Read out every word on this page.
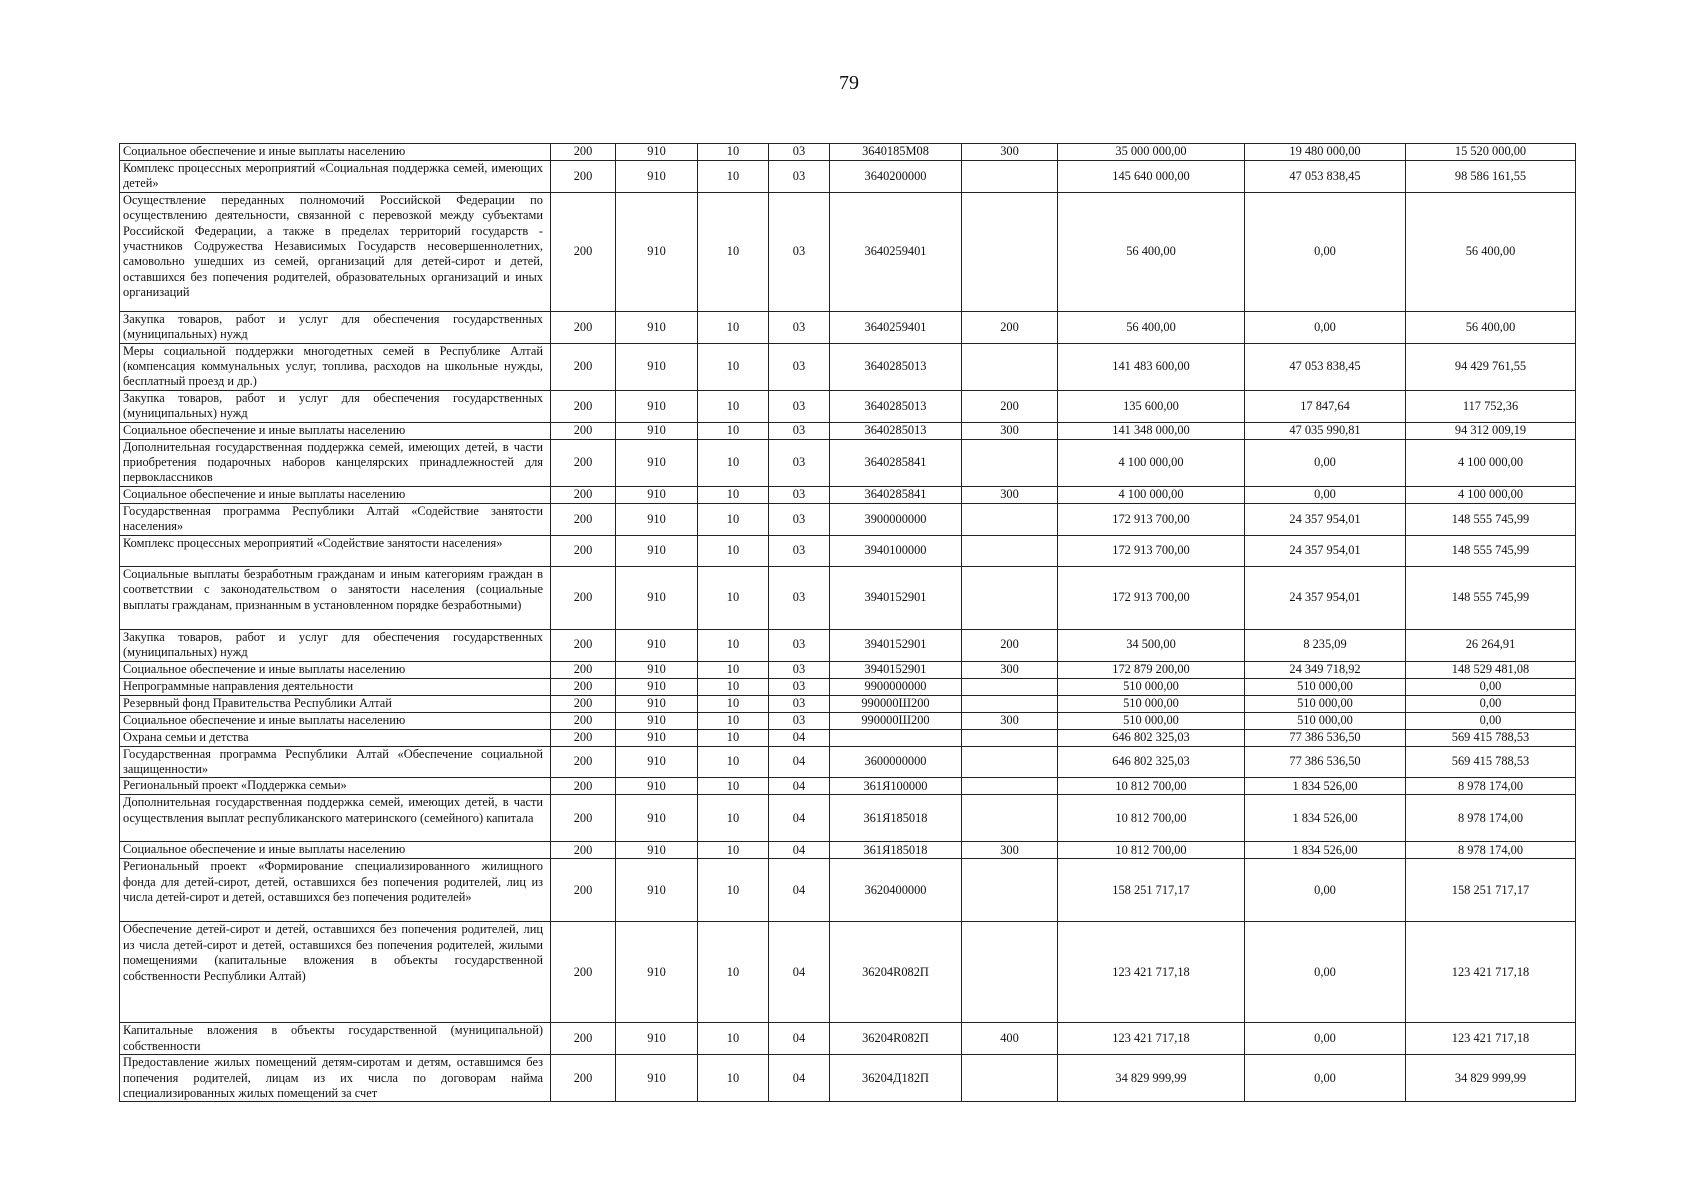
79
Социальное обеспечение и иные выплаты населению	200	910	10	03	3640185М08	300	35 000 000,00	19 480 000,00	15 520 000,00
Комплекс процессных мероприятий «Социальная поддержка семей, имеющих детей»	200	910	10	03	3640200000		145 640 000,00	47 053 838,45	98 586 161,55
Осуществление переданных полномочий Российской Федерации по осуществлению деятельности, связанной с перевозкой между субъектами Российской Федерации, а также в пределах территорий государств - участников Содружества Независимых Государств несовершеннолетних, самовольно ушедших из семей, организаций для детей-сирот и детей, оставшихся без попечения родителей, образовательных организаций и иных организаций	200	910	10	03	3640259401		56 400,00	0,00	56 400,00
Закупка товаров, работ и услуг для обеспечения государственных (муниципальных) нужд	200	910	10	03	3640259401	200	56 400,00	0,00	56 400,00
Меры социальной поддержки многодетных семей в Республике Алтай (компенсация коммунальных услуг, топлива, расходов на школьные нужды, бесплатный проезд и др.)	200	910	10	03	3640285013		141 483 600,00	47 053 838,45	94 429 761,55
Закупка товаров, работ и услуг для обеспечения государственных (муниципальных) нужд	200	910	10	03	3640285013	200	135 600,00	17 847,64	117 752,36
Социальное обеспечение и иные выплаты населению	200	910	10	03	3640285013	300	141 348 000,00	47 035 990,81	94 312 009,19
Дополнительная государственная поддержка семей, имеющих детей, в части приобретения подарочных наборов канцелярских принадлежностей для первоклассников	200	910	10	03	3640285841		4 100 000,00	0,00	4 100 000,00
Социальное обеспечение и иные выплаты населению	200	910	10	03	3640285841	300	4 100 000,00	0,00	4 100 000,00
Государственная программа Республики Алтай «Содействие занятости населения»	200	910	10	03	3900000000		172 913 700,00	24 357 954,01	148 555 745,99
Комплекс процессных мероприятий «Содействие занятости населения»	200	910	10	03	3940100000		172 913 700,00	24 357 954,01	148 555 745,99
Социальные выплаты безработным гражданам и иным категориям граждан в соответствии с законодательством о занятости населения (социальные выплаты гражданам, признанным в установленном порядке безработными)	200	910	10	03	3940152901		172 913 700,00	24 357 954,01	148 555 745,99
Закупка товаров, работ и услуг для обеспечения государственных (муниципальных) нужд	200	910	10	03	3940152901	200	34 500,00	8 235,09	26 264,91
Социальное обеспечение и иные выплаты населению	200	910	10	03	3940152901	300	172 879 200,00	24 349 718,92	148 529 481,08
Непрограммные направления деятельности	200	910	10	03	9900000000		510 000,00	510 000,00	0,00
Резервный фонд Правительства Республики Алтай	200	910	10	03	990000Ш200		510 000,00	510 000,00	0,00
Социальное обеспечение и иные выплаты населению	200	910	10	03	990000Ш200	300	510 000,00	510 000,00	0,00
Охрана семьи и детства	200	910	10	04			646 802 325,03	77 386 536,50	569 415 788,53
Государственная программа Республики Алтай «Обеспечение социальной защищенности»	200	910	10	04	3600000000		646 802 325,03	77 386 536,50	569 415 788,53
Региональный проект «Поддержка семьи»	200	910	10	04	361Я100000		10 812 700,00	1 834 526,00	8 978 174,00
Дополнительная государственная поддержка семей, имеющих детей, в части осуществления выплат республиканского материнского (семейного) капитала	200	910	10	04	361Я185018		10 812 700,00	1 834 526,00	8 978 174,00
Социальное обеспечение и иные выплаты населению	200	910	10	04	361Я185018	300	10 812 700,00	1 834 526,00	8 978 174,00
Региональный проект «Формирование специализированного жилищного фонда для детей-сирот, детей, оставшихся без попечения родителей, лиц из числа детей-сирот и детей, оставшихся без попечения родителей»	200	910	10	04	3620400000		158 251 717,17	0,00	158 251 717,17
Обеспечение детей-сирот и детей, оставшихся без попечения родителей, лиц из числа детей-сирот и детей, оставшихся без попечения родителей, жилыми помещениями (капитальные вложения в объекты государственной собственности Республики Алтай)	200	910	10	04	36204R082П		123 421 717,18	0,00	123 421 717,18
Капитальные вложения в объекты государственной (муниципальной) собственности	200	910	10	04	36204R082П	400	123 421 717,18	0,00	123 421 717,18
Предоставление жилых помещений детям-сиротам и детям, оставшимся без попечения родителей, лицам из их числа по договорам найма специализированных жилых помещений за счет	200	910	10	04	36204Д182П		34 829 999,99	0,00	34 829 999,99
